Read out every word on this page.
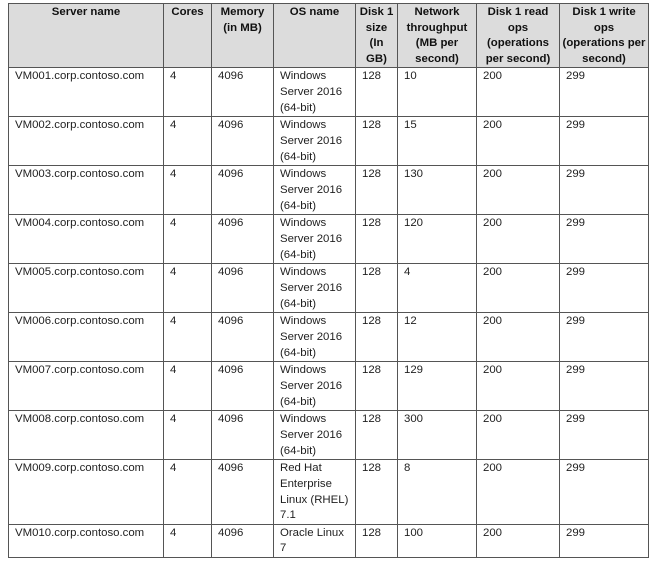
Server name	Cores	Memory (in MB)	OS name	Disk 1 size (In GB)	Network throughput (MB per second)	Disk 1 read ops (operations per second)	Disk 1 write ops (operations per second)
VM001.corp.contoso.com	4	4096	Windows Server 2016 (64-bit)	128	10	200	299
VM002.corp.contoso.com	4	4096	Windows Server 2016 (64-bit)	128	15	200	299
VM003.corp.contoso.com	4	4096	Windows Server 2016 (64-bit)	128	130	200	299
VM004.corp.contoso.com	4	4096	Windows Server 2016 (64-bit)	128	120	200	299
VM005.corp.contoso.com	4	4096	Windows Server 2016 (64-bit)	128	4	200	299
VM006.corp.contoso.com	4	4096	Windows Server 2016 (64-bit)	128	12	200	299
VM007.corp.contoso.com	4	4096	Windows Server 2016 (64-bit)	128	129	200	299
VM008.corp.contoso.com	4	4096	Windows Server 2016 (64-bit)	128	300	200	299
VM009.corp.contoso.com	4	4096	Red Hat Enterprise Linux (RHEL) 7.1	128	8	200	299
VM010.corp.contoso.com	4	4096	Oracle Linux 7	128	100	200	299
